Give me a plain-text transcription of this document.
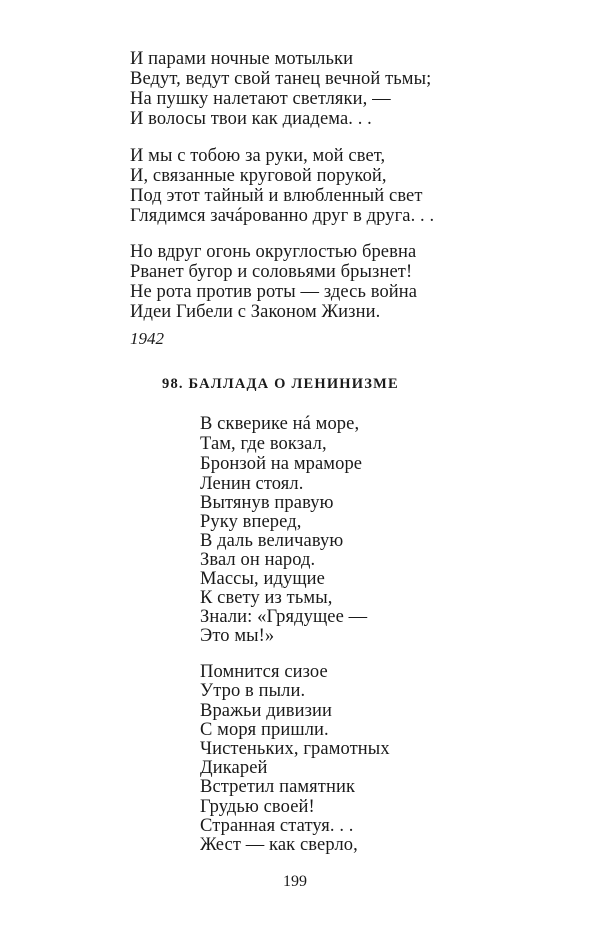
И парами ночные мотыльки
Ведут, ведут свой танец вечной тьмы;
На пушку налетают светляки, —
И волосы твои как диадема. . .
И мы с тобою за руки, мой свет,
И, связанные круговой порукой,
Под этот тайный и влюбленный свет
Глядимся зачáрованно друг в друга. . .
Но вдруг огонь округлостью бревна
Рванет бугор и соловьями брызнет!
Не рота против роты — здесь война
Идеи Гибели с Законом Жизни.
1942
98. БАЛЛАДА О ЛЕНИНИЗМЕ
В скверике нá море,
Там, где вокзал,
Бронзой на мраморе
Ленин стоял.
Вытянув правую
Руку вперед,
В даль величавую
Звал он народ.
Массы, идущие
К свету из тьмы,
Знали: «Грядущее —
Это мы!»
Помнится сизое
Утро в пыли.
Вражьи дивизии
С моря пришли.
Чистеньких, грамотных
Дикарей
Встретил памятник
Грудью своей!
Странная статуя. . .
Жест — как сверло,
199
